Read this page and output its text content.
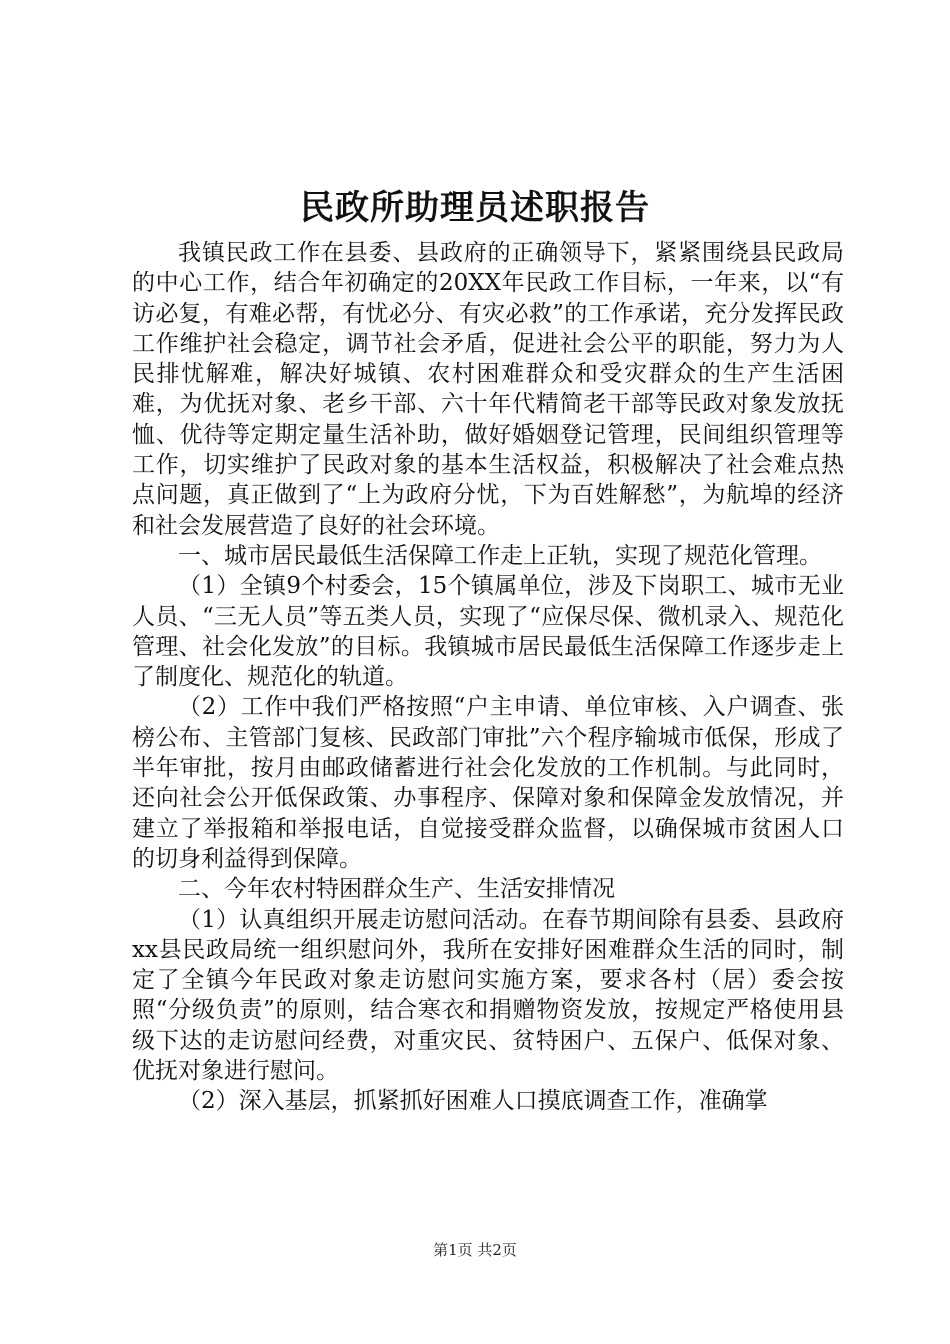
民政所助理员述职报告

我镇民政工作在县委、县政府的正确领导下，紧紧围绕县民政局的中心工作，结合年初确定的20XX年民政工作目标，一年来，以“有访必复，有难必帮，有忧必分、有灾必救”的工作承诺，充分发挥民政工作维护社会稳定，调节社会矛盾，促进社会公平的职能，努力为人民排忧解难，解决好城镇、农村困难群众和受灾群众的生产生活困难，为优抚对象、老乡干部、六十年代精简老干部等民政对象发放抚恤、优待等定期定量生活补助，做好婚姻登记管理，民间组织管理等工作，切实维护了民政对象的基本生活权益，积极解决了社会难点热点问题，真正做到了“上为政府分忧，下为百姓解愁”，为航埠的经济和社会发展营造了良好的社会环境。

一、城市居民最低生活保障工作走上正轨，实现了规范化管理。

（1）全镇9个村委会，15个镇属单位，涉及下岗职工、城市无业人员、“三无人员”等五类人员，实现了“应保尽保、微机录入、规范化管理、社会化发放”的目标。我镇城市居民最低生活保障工作逐步走上了制度化、规范化的轨道。

（2）工作中我们严格按照“户主申请、单位审核、入户调查、张榜公布、主管部门复核、民政部门审批”六个程序输城市低保，形成了半年审批，按月由邮政储蓄进行社会化发放的工作机制。与此同时，还向社会公开低保政策、办事程序、保障对象和保障金发放情况，并建立了举报箱和举报电话，自觉接受群众监督，以确保城市贫困人口的切身利益得到保障。

二、今年农村特困群众生产、生活安排情况

（1）认真组织开展走访慰问活动。在春节期间除有县委、县政府xx县民政局统一组织慰问外，我所在安排好困难群众生活的同时，制定了全镇今年民政对象走访慰问实施方案，要求各村（居）委会按照“分级负责”的原则，结合寒衣和捐赠物资发放，按规定严格使用县级下达的走访慰问经费，对重灾民、贫特困户、五保户、低保对象、优抚对象进行慰问。

（2）深入基层，抓紧抓好困难人口摸底调查工作，准确掌

第1页 共2页
